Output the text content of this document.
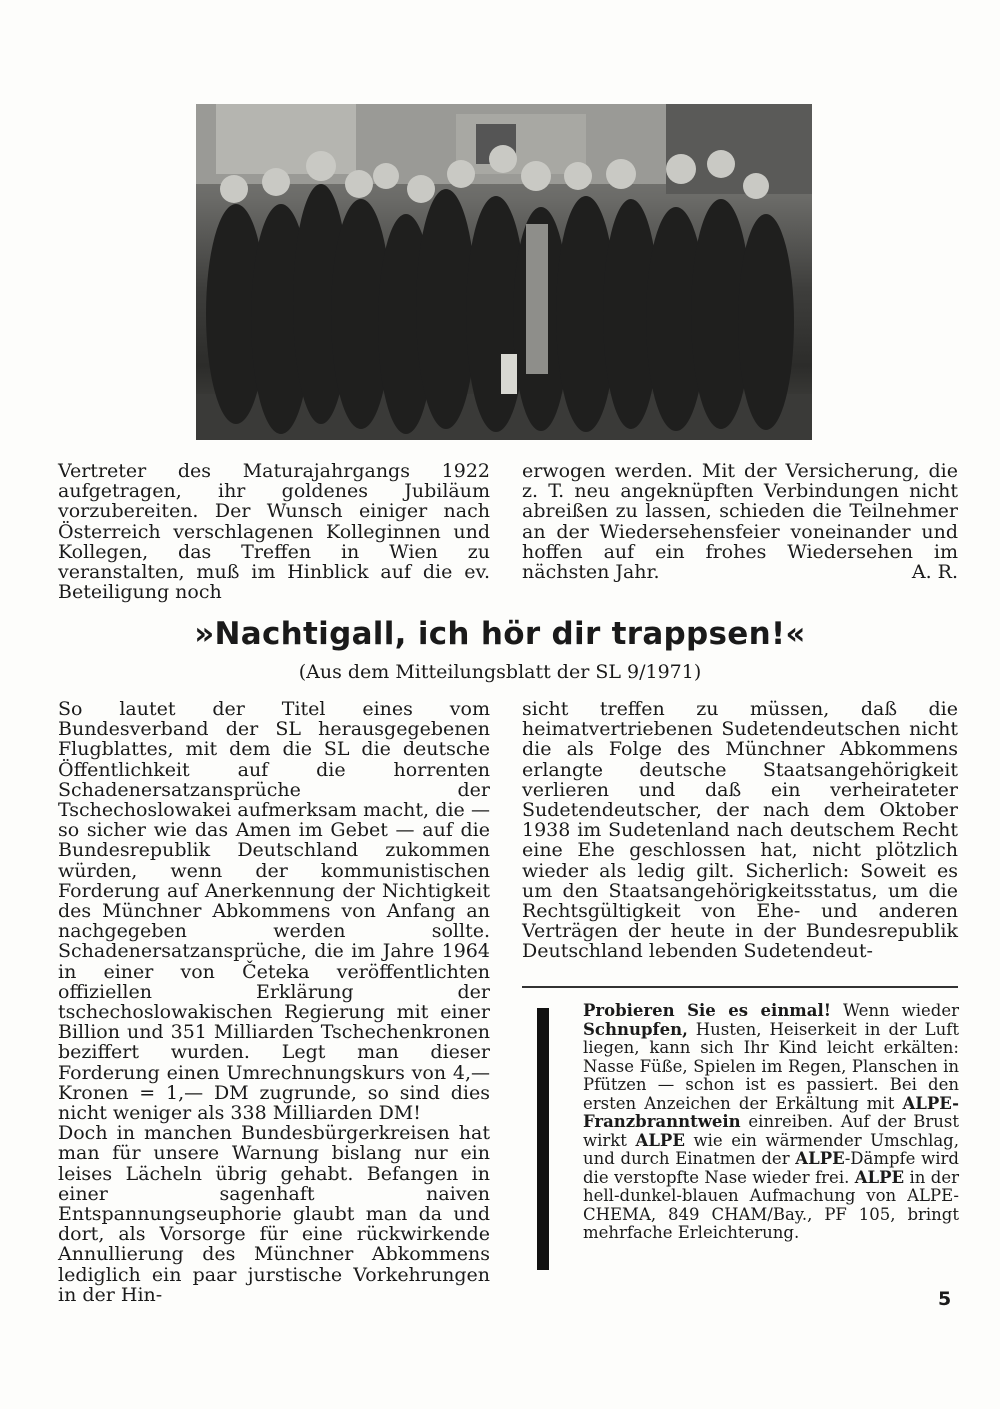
Vertreter des Maturajahrgangs 1922 aufgetragen, ihr goldenes Jubiläum vorzubereiten. Der Wunsch einiger nach Österreich verschlagenen Kolleginnen und Kollegen, das Treffen in Wien zu veranstalten, muß im Hinblick auf die ev. Beteiligung noch

erwogen werden. Mit der Versicherung, die z. T. neu angeknüpften Verbindungen nicht abreißen zu lassen, schieden die Teilnehmer an der Wiedersehensfeier voneinander und hoffen auf ein frohes Wiedersehen im nächsten Jahr.	A. R.

»Nachtigall, ich hör dir trappsen!«
(Aus dem Mitteilungsblatt der SL 9/1971)

So lautet der Titel eines vom Bundesverband der SL herausgegebenen Flugblattes, mit dem die SL die deutsche Öffentlichkeit auf die horrenten Schadenersatzansprüche der Tschechoslowakei aufmerksam macht, die — so sicher wie das Amen im Gebet — auf die Bundesrepublik Deutschland zukommen würden, wenn der kommunistischen Forderung auf Anerkennung der Nichtigkeit des Münchner Abkommens von Anfang an nachgegeben werden sollte. Schadenersatzansprüche, die im Jahre 1964 in einer von Četeka veröffentlichten offiziellen Erklärung der tschechoslowakischen Regierung mit einer Billion und 351 Milliarden Tschechenkronen beziffert wurden. Legt man dieser Forderung einen Umrechnungskurs von 4,— Kronen = 1,— DM zugrunde, so sind dies nicht weniger als 338 Milliarden DM!

Doch in manchen Bundesbürgerkreisen hat man für unsere Warnung bislang nur ein leises Lächeln übrig gehabt. Befangen in einer sagenhaft naiven Entspannungseuphorie glaubt man da und dort, als Vorsorge für eine rückwirkende Annullierung des Münchner Abkommens lediglich ein paar jurstische Vorkehrungen in der Hin-

sicht treffen zu müssen, daß die heimatvertriebenen Sudetendeutschen nicht die als Folge des Münchner Abkommens erlangte deutsche Staatsangehörigkeit verlieren und daß ein verheirateter Sudetendeutscher, der nach dem Oktober 1938 im Sudetenland nach deutschem Recht eine Ehe geschlossen hat, nicht plötzlich wieder als ledig gilt. Sicherlich: Soweit es um den Staatsangehörigkeitsstatus, um die Rechtsgültigkeit von Ehe- und anderen Verträgen der heute in der Bundesrepublik Deutschland lebenden Sudetendeut-

Probieren Sie es einmal! Wenn wieder Schnupfen, Husten, Heiserkeit in der Luft liegen, kann sich Ihr Kind leicht erkälten: Nasse Füße, Spielen im Regen, Planschen in Pfützen — schon ist es passiert. Bei den ersten Anzeichen der Erkältung mit ALPE-Franzbranntwein einreiben. Auf der Brust wirkt ALPE wie ein wärmender Umschlag, und durch Einatmen der ALPE-Dämpfe wird die verstopfte Nase wieder frei. ALPE in der hell-dunkel-blauen Aufmachung von ALPE-CHEMA, 849 CHAM/Bay., PF 105, bringt mehrfache Erleichterung.
5
